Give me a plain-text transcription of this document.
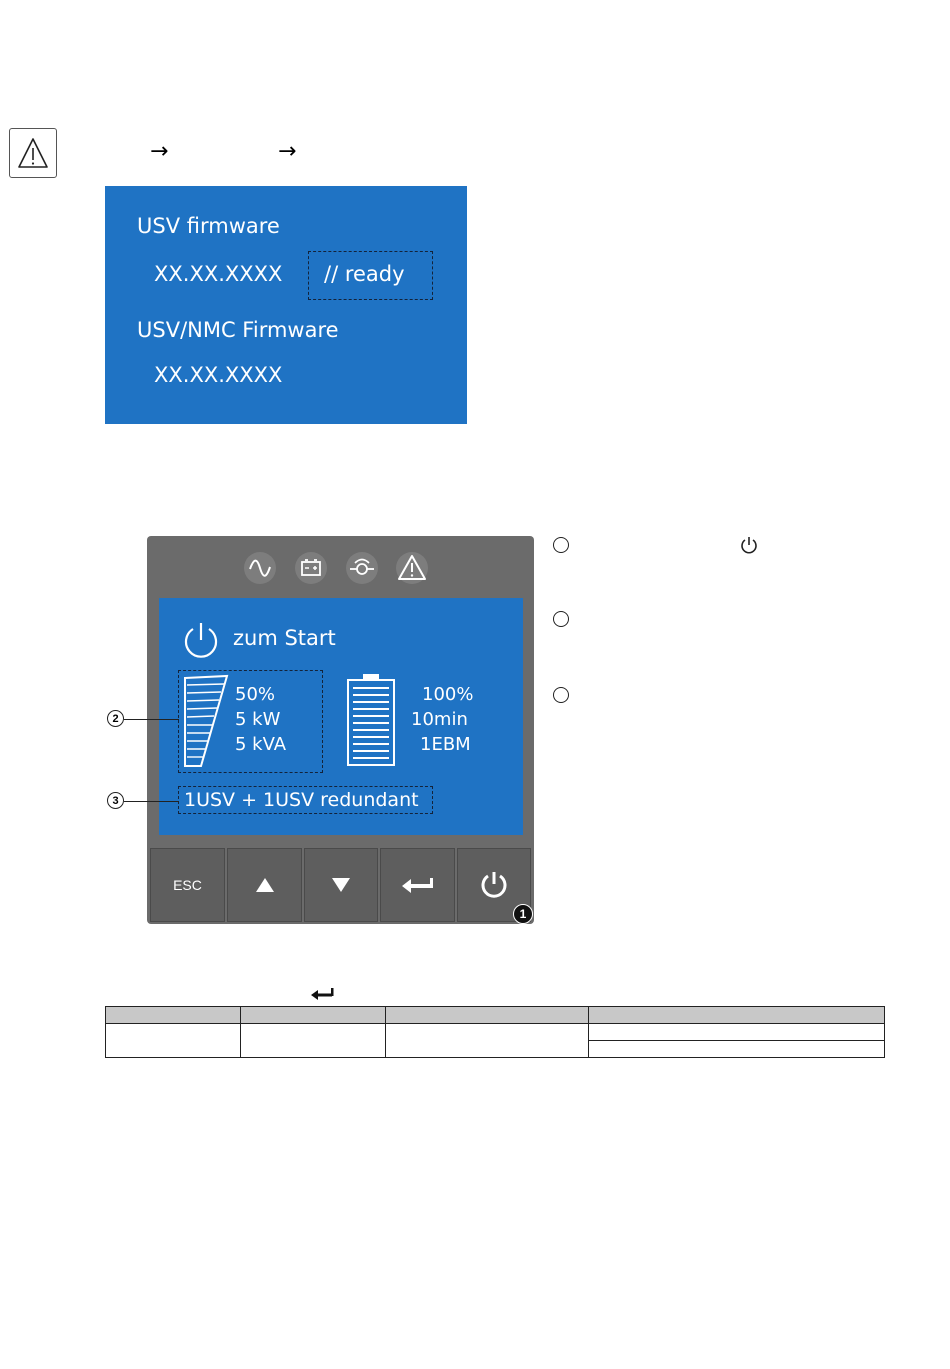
→	→
USV firmware
XX.XX.XXXX // ready
USV/NMC Firmware
XX.XX.XXXX
zum Start
50%
5 kW
5 kVA
100%
10min
1EBM
1USV + 1USV redundant
ESC
1
2
3
